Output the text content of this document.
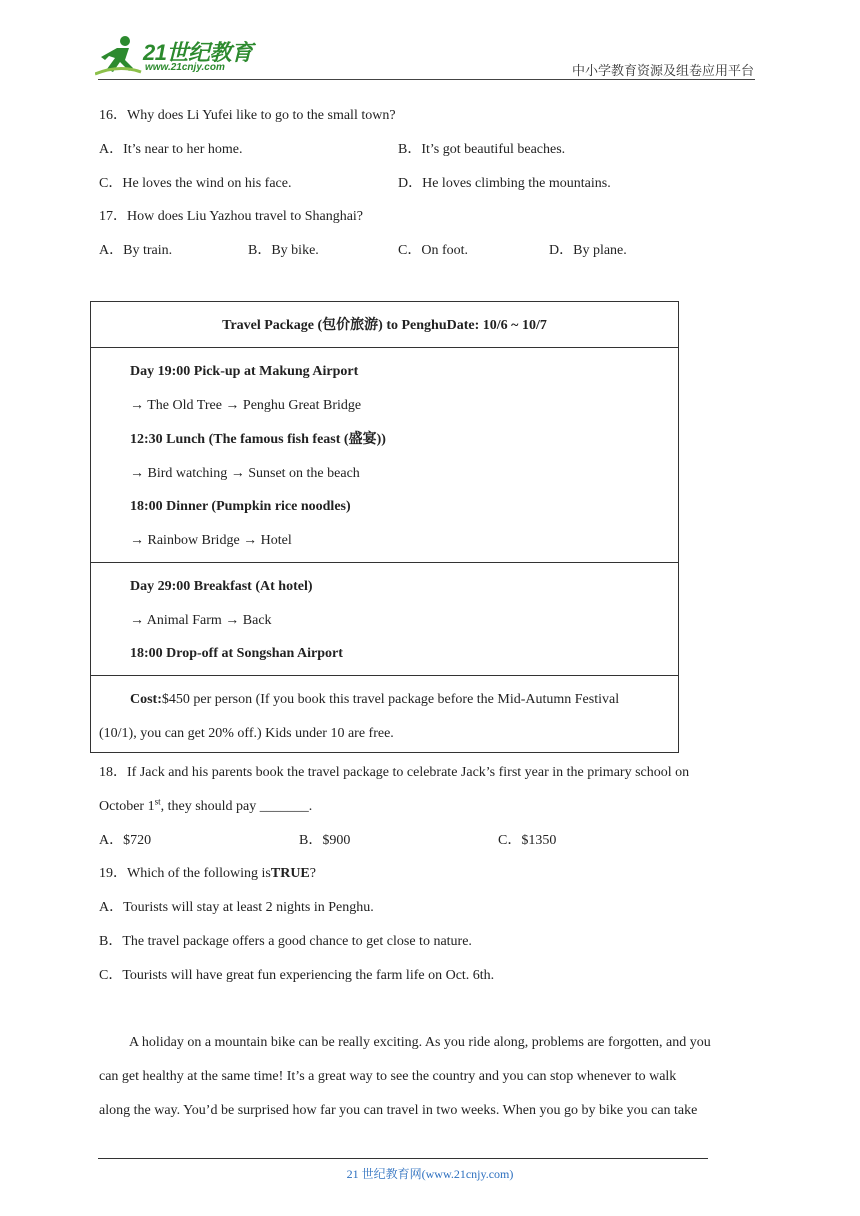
21世纪教育
www.21cnjy.com	中小学教育资源及组卷应用平台
16．Why does Li Yufei like to go to the small town?
A．It’s near to her home.	B．It’s got beautiful beaches.
C．He loves the wind on his face.	D．He loves climbing the mountains.
17．How does Liu Yazhou travel to Shanghai?
A．By train.	B．By bike.	C．On foot.	D．By plane.
Travel Package (包价旅游) to PenghuDate: 10/6 ~ 10/7
Day 19:00 Pick-up at Makung Airport
→ The Old Tree → Penghu Great Bridge
12:30 Lunch (The famous fish feast (盛宴))
→ Bird watching → Sunset on the beach
18:00 Dinner (Pumpkin rice noodles)
→ Rainbow Bridge → Hotel
Day 29:00 Breakfast (At hotel)
→ Animal Farm → Back
18:00 Drop-off at Songshan Airport
Cost:$450 per person (If you book this travel package before the Mid-Autumn Festival
(10/1), you can get 20% off.) Kids under 10 are free.
18．If Jack and his parents book the travel package to celebrate Jack’s first year in the primary school on
October 1st, they should pay _______.
A．$720	B．$900	C．$1350
19．Which of the following isTRUE?
A．Tourists will stay at least 2 nights in Penghu.
B．The travel package offers a good chance to get close to nature.
C．Tourists will have great fun experiencing the farm life on Oct. 6th.
A holiday on a mountain bike can be really exciting. As you ride along, problems are forgotten, and you
can get healthy at the same time! It’s a great way to see the country and you can stop whenever to walk
along the way. You’d be surprised how far you can travel in two weeks. When you go by bike you can take
21 世纪教育网(www.21cnjy.com)
